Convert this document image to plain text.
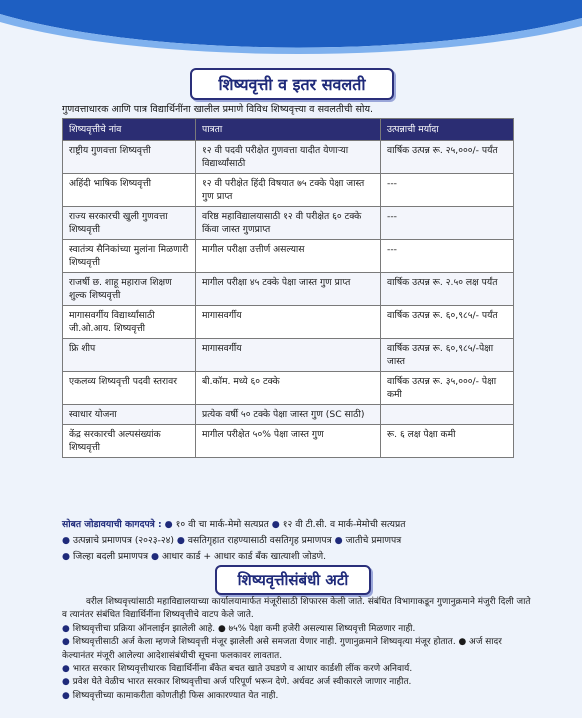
शिष्यवृत्ती व इतर सवलती
गुणवत्ताधारक आणि पात्र विद्यार्थिनींना खालील प्रमाणे विविध शिष्यवृत्त्या व सवलतीची सोय.
शिष्यवृत्तीचे नांव	पात्रता	उत्पन्नाची मर्यादा
राष्ट्रीय गुणवत्ता शिष्यवृत्ती	१२ वी पदवी परीक्षेत गुणवत्ता यादीत येणाऱ्या विद्यार्थ्यांसाठी	वार्षिक उत्पन्न रू. २५,०००/- पर्यंत
अहिंदी भाषिक शिष्यवृत्ती	१२ वी परीक्षेत हिंदी विषयात ७५ टक्के पेक्षा जास्त गुण प्राप्त	---
राज्य सरकारची खुली गुणवत्ता शिष्यवृत्ती	वरिष्ठ महाविद्यालयासाठी १२ वी परीक्षेत ६० टक्के किंवा जास्त गुणप्राप्त	---
स्वातंत्र्य सैनिकांच्या मुलांना मिळणारी शिष्यवृत्ती	मागील परीक्षा उत्तीर्ण असल्यास	---
राजर्षी छ. शाहू महाराज शिक्षण शुल्क शिष्यवृत्ती	मागील परीक्षा ४५ टक्के पेक्षा जास्त गुण प्राप्त	वार्षिक उत्पन्न रू. २.५० लक्ष पर्यंत
मागासवर्गीय विद्यार्थ्यांसाठी जी.ओ.आय. शिष्यवृत्ती	मागासवर्गीय	वार्षिक उत्पन्न रू. ६०,९८५/- पर्यंत
फ्रि शीप	मागासवर्गीय	वार्षिक उत्पन्न रू. ६०,९८५/-पेक्षा जास्त
एकलव्य शिष्यवृत्ती पदवी स्तरावर	बी.कॉम. मध्ये ६० टक्के	वार्षिक उत्पन्न रू. ३५,०००/- पेक्षा कमी
स्वाधार योजना	प्रत्येक वर्षी ५० टक्के पेक्षा जास्त गुण (SC साठी)	
केंद्र सरकारची अल्पसंख्यांक शिष्यवृत्ती	मागील परीक्षेत ५०% पेक्षा जास्त गुण	रू. ६ लक्ष पेक्षा कमी
सोबत जोडावयाची कागदपत्रे : ● १० वी चा मार्क-मेमो सत्यप्रत ● १२ वी टी.सी. व मार्क-मेमोची सत्यप्रत
● उत्पन्नाचे प्रमाणपत्र (२०२३-२४) ● वसतिगृहात राहण्यासाठी वसतिगृह प्रमाणपत्र ● जातीचे प्रमाणपत्र
● जिल्हा बदली प्रमाणपत्र ● आधार कार्ड + आधार कार्ड बँक खात्याशी जोडणे.
शिष्यवृत्तीसंबंधी अटी

वरील शिष्यवृत्त्यांसाठी महाविद्यालयाच्या कार्यालयामार्फत मंजूरीसाठी शिफारस केली जाते. संबंधित विभागाकडून गुणानुक्रमाने मंजुरी दिली जाते व त्यानंतर संबंधित विद्यार्थिनींना शिष्यवृत्तीचे वाटप केले जाते.

● शिष्यवृत्तीचा प्रक्रिया ऑनलाईन झालेली आहे. ● ७५% पेक्षा कमी हजेरी असल्यास शिष्यवृत्ती मिळणार नाही.
● शिष्यवृत्तीसाठी अर्ज केला म्हणजे शिष्यवृत्ती मंजूर झालेली असे समजता येणार नाही. गुणानुक्रमाने शिष्यवृत्या मंजूर होतात. ● अर्ज सादर केल्यानंतर मंजूरी आलेल्या आदेशासंबंधीची सूचना फलकावर लावतात.
● भारत सरकार शिष्यवृत्तीधारक विद्यार्थिनींना बँकेत बचत खाते उघडणे व आधार कार्डशी लींक करणे अनिवार्य.
● प्रवेश घेते वेळीच भारत सरकार शिष्यवृत्तीचा अर्ज परिपूर्ण भरून देणे. अर्धवट अर्ज स्वीकारले जाणार नाहीत.
● शिष्यवृत्तीच्या कामाकरीता कोणतीही फिस आकारण्यात येत नाही.
